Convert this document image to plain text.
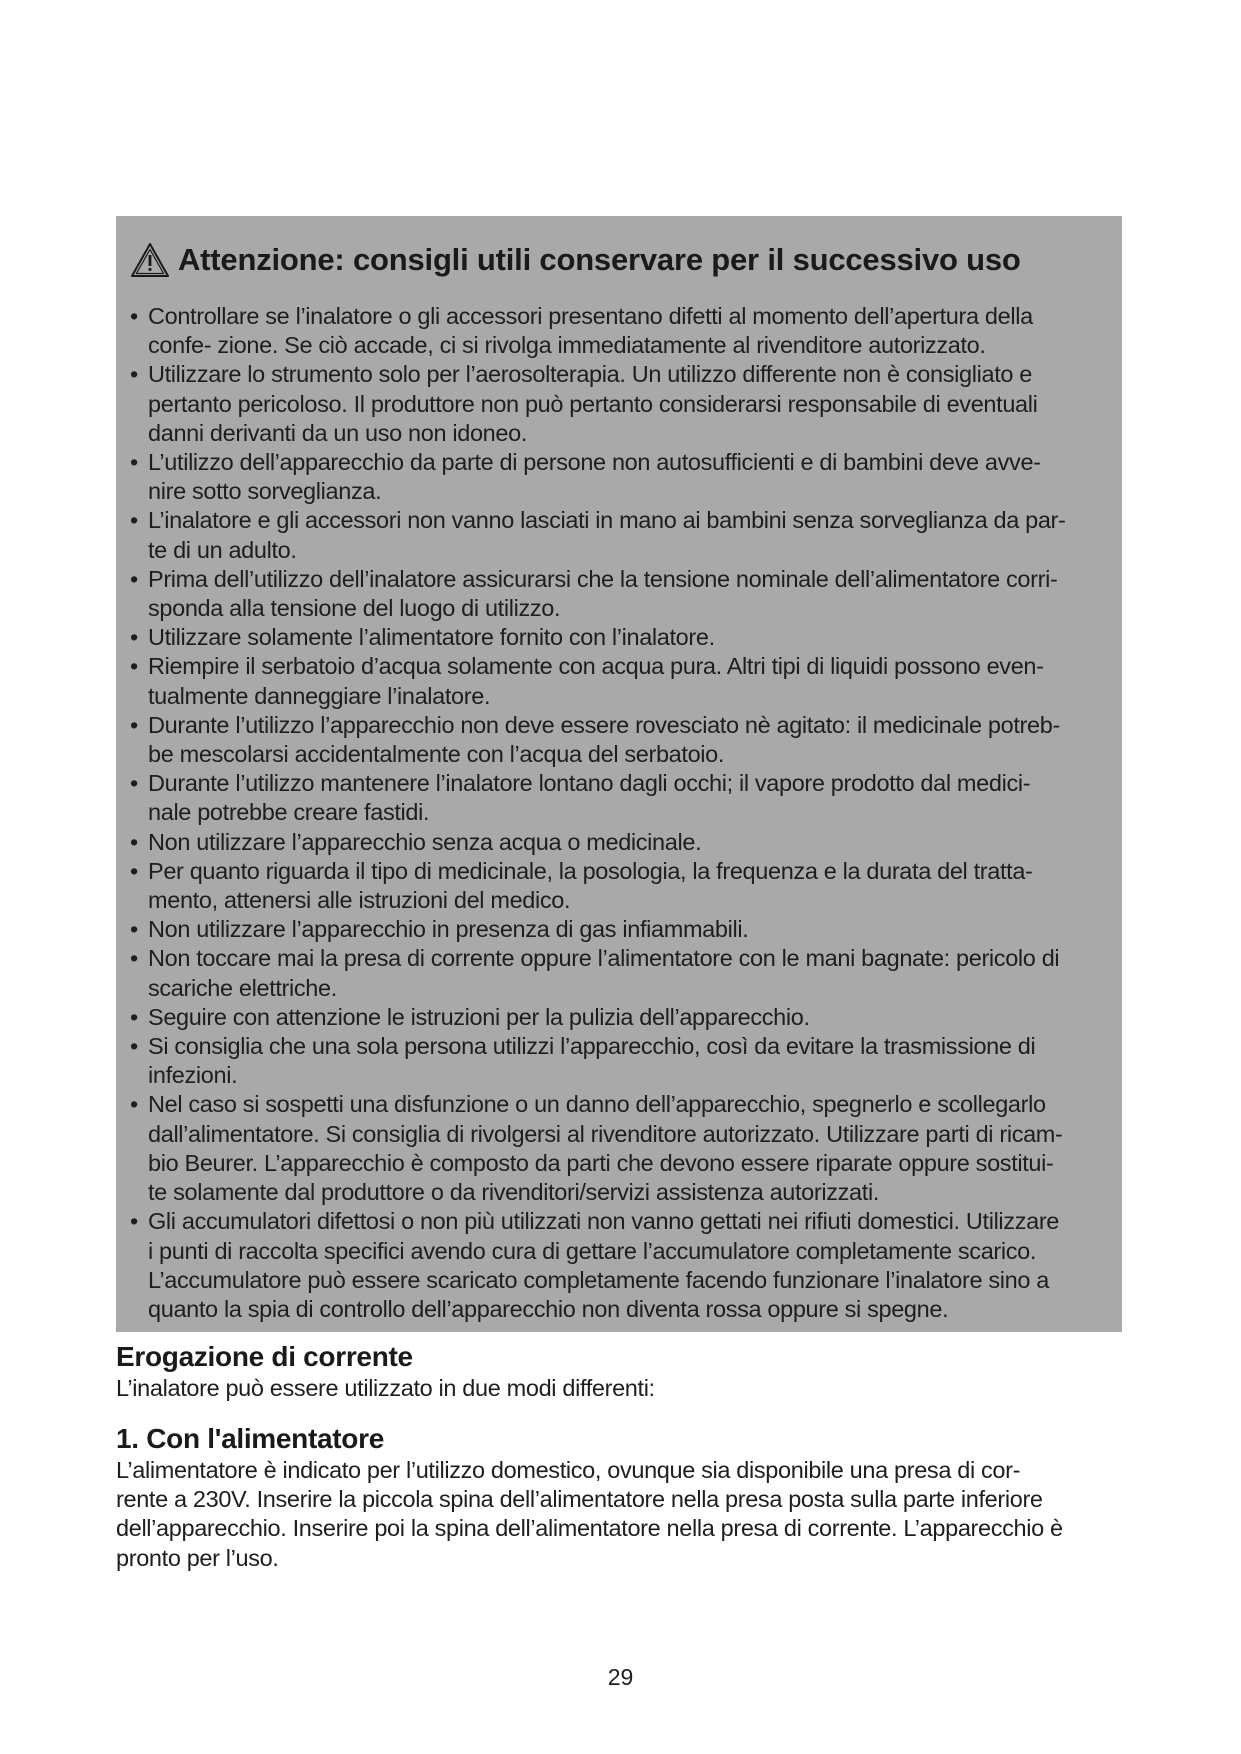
Attenzione: consigli utili conservare per il successivo uso
• Controllare se l’inalatore o gli accessori presentano difetti al momento dell’apertura della
confe- zione. Se ciò accade, ci si rivolga immediatamente al rivenditore autorizzato.
• Utilizzare lo strumento solo per l’aerosolterapia. Un utilizzo differente non è consigliato e
pertanto pericoloso. Il produttore non può pertanto considerarsi responsabile di eventuali
danni derivanti da un uso non idoneo.
• L’utilizzo dell’apparecchio da parte di persone non autosufficienti e di bambini deve avve-
nire sotto sorveglianza.
• L’inalatore e gli accessori non vanno lasciati in mano ai bambini senza sorveglianza da par-
te di un adulto.
• Prima dell’utilizzo dell’inalatore assicurarsi che la tensione nominale dell’alimentatore corri-
sponda alla tensione del luogo di utilizzo.
• Utilizzare solamente l’alimentatore fornito con l’inalatore.
• Riempire il serbatoio d’acqua solamente con acqua pura. Altri tipi di liquidi possono even-
tualmente danneggiare l’inalatore.
• Durante l’utilizzo l’apparecchio non deve essere rovesciato nè agitato: il medicinale potreb-
be mescolarsi accidentalmente con l’acqua del serbatoio.
• Durante l’utilizzo mantenere l’inalatore lontano dagli occhi; il vapore prodotto dal medici-
nale potrebbe creare fastidi.
• Non utilizzare l’apparecchio senza acqua o medicinale.
• Per quanto riguarda il tipo di medicinale, la posologia, la frequenza e la durata del tratta-
mento, attenersi alle istruzioni del medico.
• Non utilizzare l’apparecchio in presenza di gas infiammabili.
• Non toccare mai la presa di corrente oppure l’alimentatore con le mani bagnate: pericolo di
scariche elettriche.
• Seguire con attenzione le istruzioni per la pulizia dell’apparecchio.
• Si consiglia che una sola persona utilizzi l’apparecchio, così da evitare la trasmissione di
infezioni.
• Nel caso si sospetti una disfunzione o un danno dell’apparecchio, spegnerlo e scollegarlo
dall’alimentatore. Si consiglia di rivolgersi al rivenditore autorizzato. Utilizzare parti di ricam-
bio Beurer. L’apparecchio è composto da parti che devono essere riparate oppure sostitui-
te solamente dal produttore o da rivenditori/servizi assistenza autorizzati.
• Gli accumulatori difettosi o non più utilizzati non vanno gettati nei rifiuti domestici. Utilizzare
i punti di raccolta specifici avendo cura di gettare l’accumulatore completamente scarico.
L’accumulatore può essere scaricato completamente facendo funzionare l’inalatore sino a
quanto la spia di controllo dell’apparecchio non diventa rossa oppure si spegne.
Erogazione di corrente
L’inalatore può essere utilizzato in due modi differenti:
1. Con l'alimentatore
L’alimentatore è indicato per l’utilizzo domestico, ovunque sia disponibile una presa di cor-
rente a 230V. Inserire la piccola spina dell’alimentatore nella presa posta sulla parte inferiore
dell’apparecchio. Inserire poi la spina dell’alimentatore nella presa di corrente. L’apparecchio è
pronto per l’uso.
29
